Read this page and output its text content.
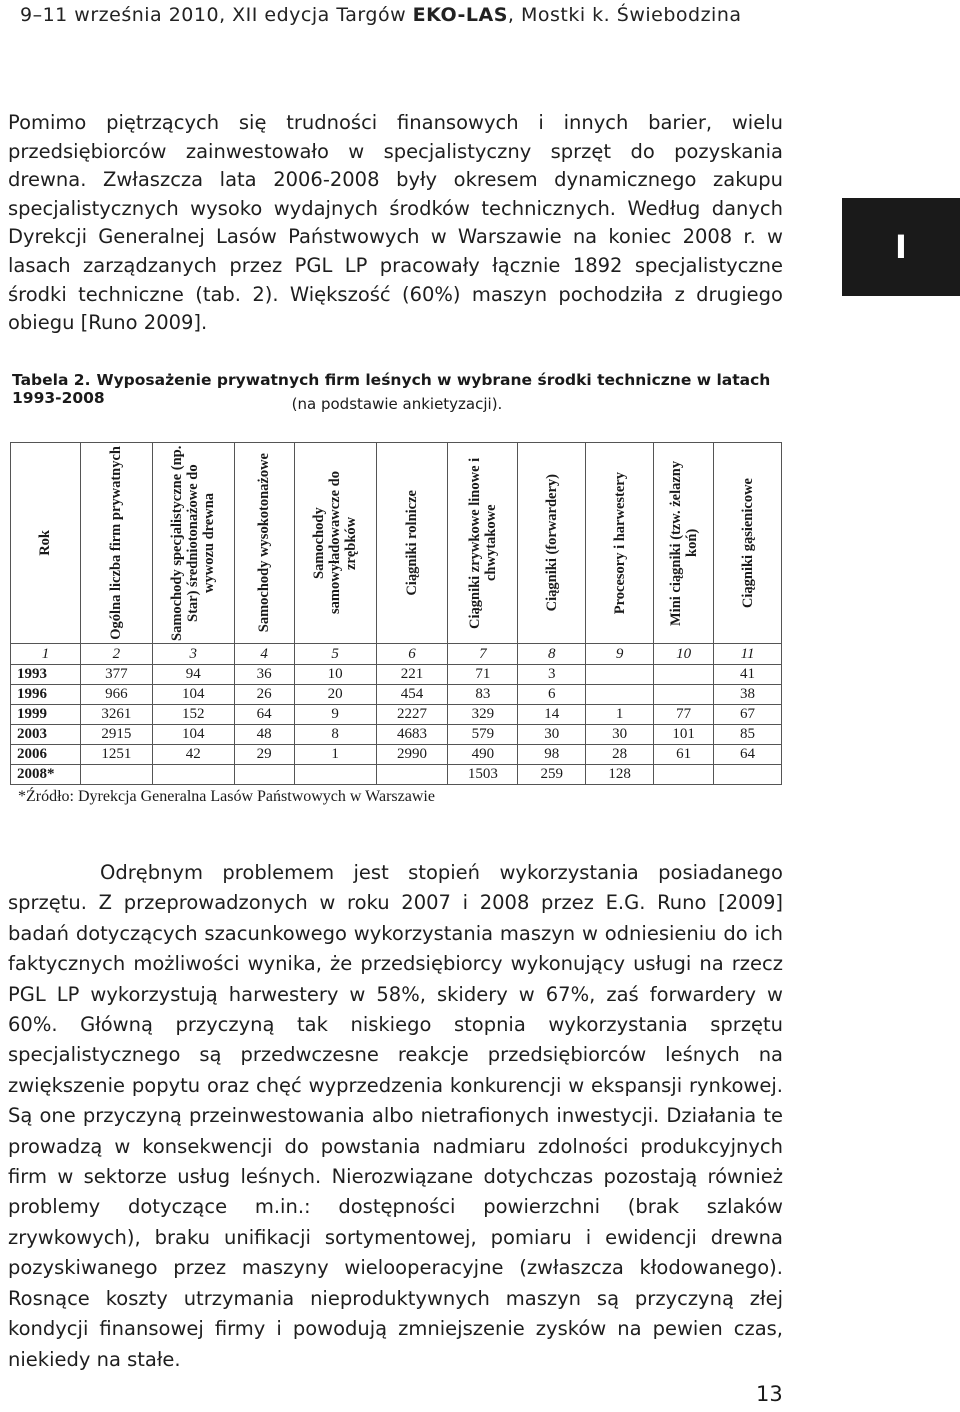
9–11 września 2010, XII edycja Targów EKO-LAS, Mostki k. Świebodzina
Pomimo piętrzących się trudności finansowych i innych barier, wielu przedsiębiorców zainwestowało w specjalistyczny sprzęt do pozyskania drewna. Zwłaszcza lata 2006-2008 były okresem dynamicznego zakupu specjalistycznych wysoko wydajnych środków technicznych. Według danych Dyrekcji Generalnej Lasów Państwowych w Warszawie na koniec 2008 r. w lasach zarządzanych przez PGL LP pracowały łącznie 1892 specjalistyczne środki techniczne (tab. 2). Większość (60%) maszyn pochodziła z drugiego obiegu [Runo 2009].
I
Tabela 2. Wyposażenie prywatnych firm leśnych w wybrane środki techniczne w latach 1993-2008	(na podstawie ankietyzacji).
Rok	Ogólna liczba firm prywatnych	Samochody specjalistyczne (np. Star) średniotonażowe do wywozu drewna	Samochody wysokotonażowe	Samochody samowyładowawcze do zrębków	Ciągniki rolnicze	Ciągniki zrywkowe linowe i chwytakowe	Ciągniki (forwardery)	Procesory i harwestery	Mini ciągniki (tzw. żelazny koń)	Ciągniki gąsienicowe

1	2	3	4	5	6	7	8	9	10	11
1993	377	94	36	10	221	71	3			41
1996	966	104	26	20	454	83	6			38
1999	3261	152	64	9	2227	329	14	1	77	67
2003	2915	104	48	8	4683	579	30	30	101	85
2006	1251	42	29	1	2990	490	98	28	61	64
2008*						1503	259	128		
*Źródło: Dyrekcja Generalna Lasów Państwowych w Warszawie
Odrębnym problemem jest stopień wykorzystania posiadanego sprzętu. Z przeprowadzonych w roku 2007 i 2008 przez E.G. Runo [2009] badań dotyczących szacunkowego wykorzystania maszyn w odniesieniu do ich faktycznych możliwości wynika, że przedsiębiorcy wykonujący usługi na rzecz PGL LP wykorzystują harwestery w 58%, skidery w 67%, zaś forwardery w 60%. Główną przyczyną tak niskiego stopnia wykorzystania sprzętu specjalistycznego są przedwczesne reakcje przedsiębiorców leśnych na zwiększenie popytu oraz chęć wyprzedzenia konkurencji w ekspansji rynkowej. Są one przyczyną przeinwestowania albo nietrafionych inwestycji. Działania te prowadzą w konsekwencji do powstania nadmiaru zdolności produkcyjnych firm w sektorze usług leśnych. Nierozwiązane dotychczas pozostają również problemy dotyczące m.in.: dostępności powierzchni (brak szlaków zrywkowych), braku unifikacji sortymentowej, pomiaru i ewidencji drewna pozyskiwanego przez maszyny wielooperacyjne (zwłaszcza kłodowanego). Rosnące koszty utrzymania nieproduktywnych maszyn są przyczyną złej kondycji finansowej firmy i powodują zmniejszenie zysków na pewien czas, niekiedy na stałe.
13
